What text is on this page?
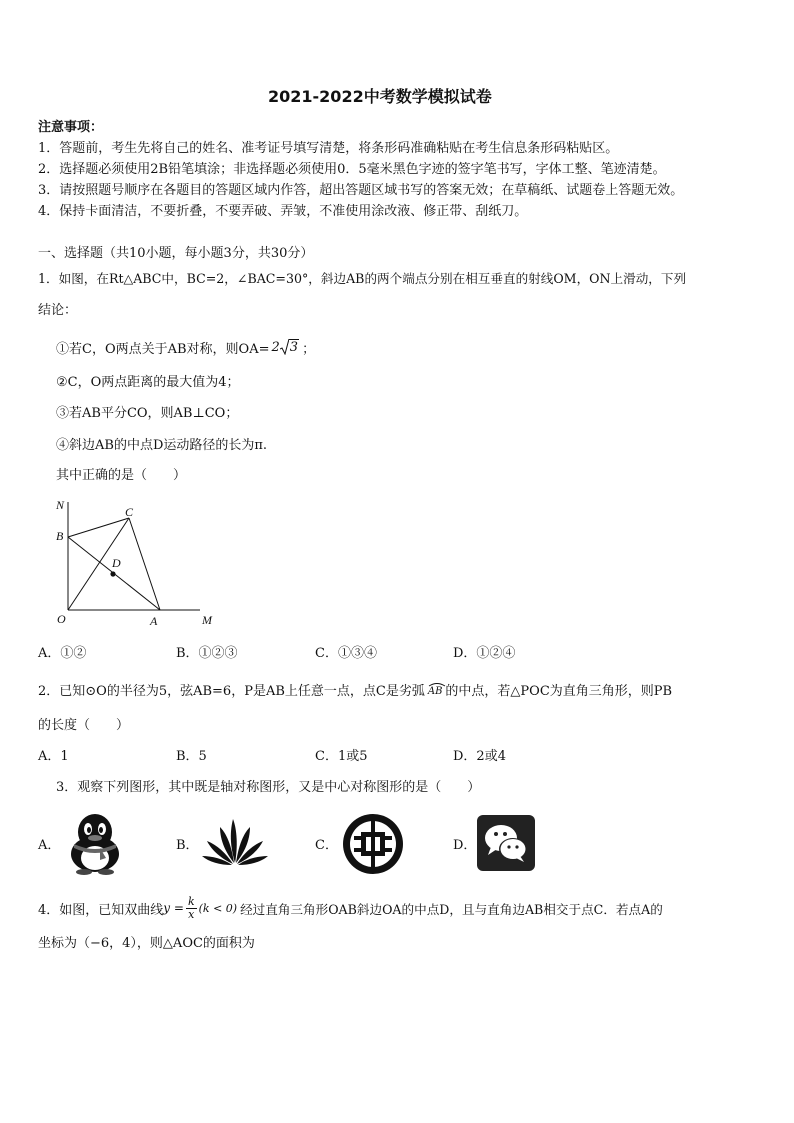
2021-2022中考数学模拟试卷
注意事项：
1．答题前，考生先将自己的姓名、准考证号填写清楚，将条形码准确粘贴在考生信息条形码粘贴区。
2．选择题必须使用2B铅笔填涂；非选择题必须使用0．5毫米黑色字迹的签字笔书写，字体工整、笔迹清楚。
3．请按照题号顺序在各题目的答题区域内作答，超出答题区域书写的答案无效；在草稿纸、试题卷上答题无效。
4．保持卡面清洁，不要折叠，不要弄破、弄皱，不准使用涂改液、修正带、刮纸刀。
一、选择题（共10小题，每小题3分，共30分）
1．如图，在Rt△ABC中，BC=2，∠BAC=30°，斜边AB的两个端点分别在相互垂直的射线OM，ON上滑动，下列
结论：
①若C，O两点关于AB对称，则OA= 2 3 ；
②C，O两点距离的最大值为4；
③若AB平分CO，则AB⊥CO；
④斜边AB的中点D运动路径的长为π.
其中正确的是（　　）
N
B
C
D
O	A	M
A．①②	B．①②③	C．①③④	D．①②④
2．已知⊙O的半径为5，弦AB=6，P是AB上任意一点，点C是劣弧 AB 的中点，若△POC为直角三角形，则PB
的长度（　　）
A．1	B．5	C．1或5	D．2或4
3．观察下列图形，其中既是轴对称图形，又是中心对称图形的是（　　）
A．	B．	C．	D．
4．如图，已知双曲线 $y = \frac{k}{x} (k < 0)$ 经过直角三角形OAB斜边OA的中点D，且与直角边AB相交于点C．若点A的
坐标为（−6，4），则△AOC的面积为
